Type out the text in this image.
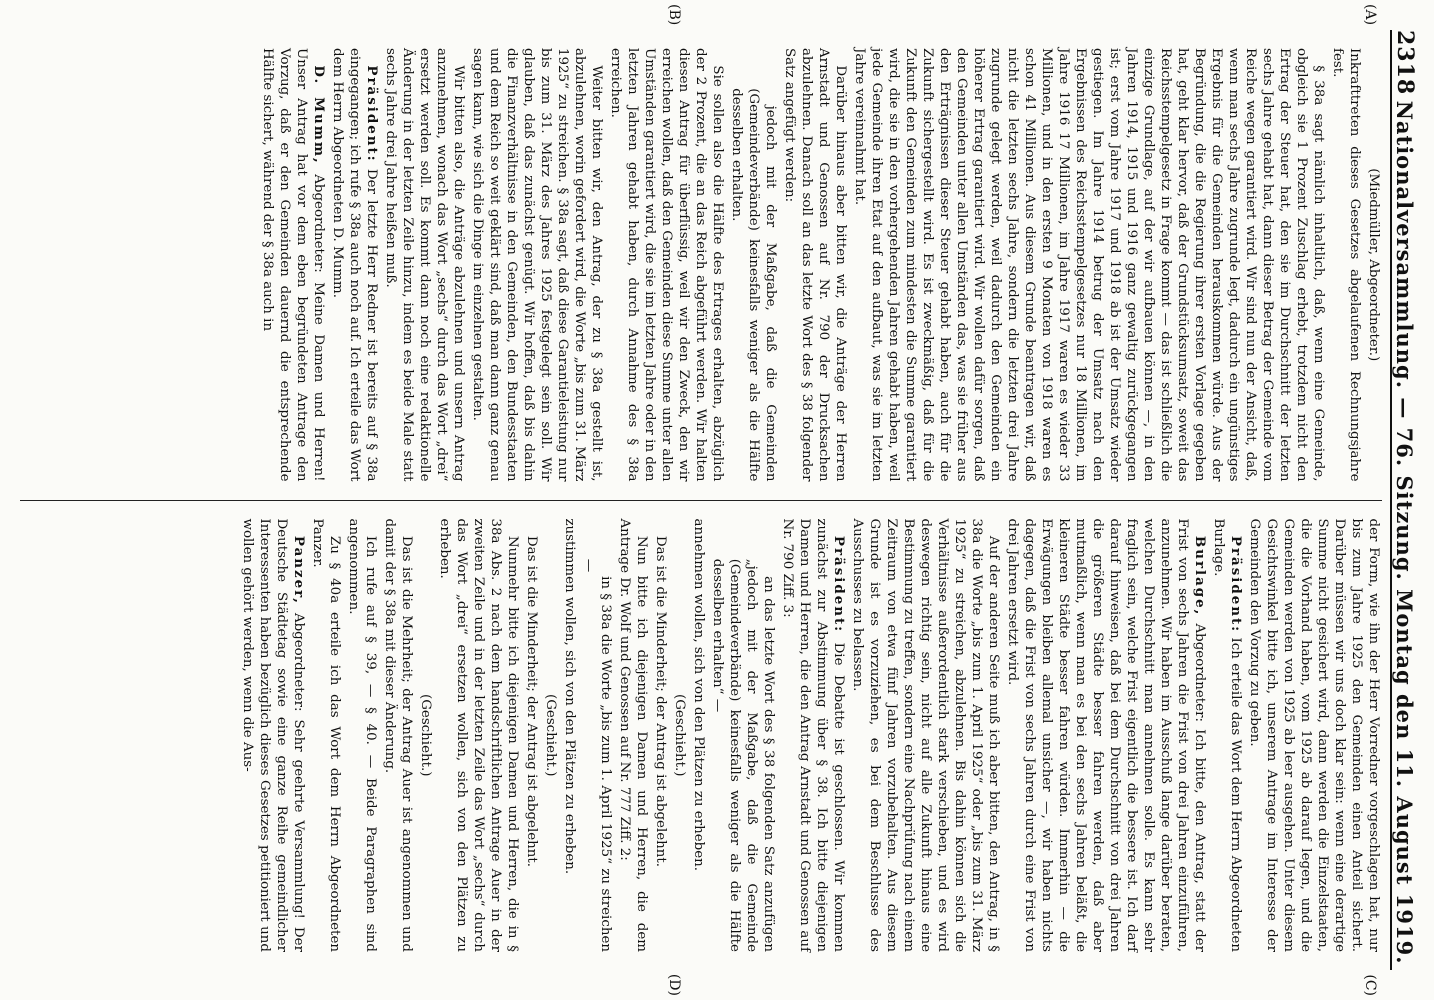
2318
Nationalversammlung. — 76. Sitzung. Montag den 11. August 1919.
(A)
(B)

(Miedmüller, Abgeordneter.)

Inkrafttreten dieses Gesetzes abgelaufenen Rechnungsjahre fest.

§ 38a sagt nämlich inhaltlich, daß, wenn eine Gemeinde, obgleich sie 1 Prozent Zuschlag erhebt, trotzdem nicht den Ertrag der Steuer hat, den sie im Durchschnitt der letzten sechs Jahre gehabt hat, dann dieser Betrag der Gemeinde vom Reiche wegen garantiert wird. Wir sind nun der Ansicht, daß, wenn man sechs Jahre zugrunde legt, dadurch ein ungünstiges Ergebnis für die Gemeinden herauskommen würde. Aus der Begründung, die die Regierung ihrer ersten Vorlage gegeben hat, geht klar hervor, daß der Grundstücksumsatz, soweit das Reichsstempelgesetz in Frage kommt — das ist schließlich die einzige Grundlage, auf der wir aufbauen können —, in den Jahren 1914, 1915 und 1916 ganz gewaltig zurückgegangen ist; erst vom Jahre 1917 und 1918 ab ist der Umsatz wieder gestiegen. Im Jahre 1914 betrug der Umsatz nach den Ergebnissen des Reichsstempelgesetzes nur 18 Millionen, im Jahre 1916 17 Millionen, im Jahre 1917 waren es wieder 33 Millionen, und in den ersten 9 Monaten von 1918 waren es schon 41 Millionen. Aus diesem Grunde beantragen wir, daß nicht die letzten sechs Jahre, sondern die letzten drei Jahre zugrunde gelegt werden, weil dadurch den Gemeinden ein höherer Ertrag garantiert wird. Wir wollen dafür sorgen, daß den Gemeinden unter allen Umständen das, was sie früher aus den Erträgnissen dieser Steuer gehabt haben, auch für die Zukunft sichergestellt wird. Es ist zweckmäßig, daß für die Zukunft den Gemeinden zum mindesten die Summe garantiert wird, die sie in den vorhergehenden Jahren gehabt haben, weil jede Gemeinde ihren Etat auf den aufbaut, was sie im letzten Jahre vereinnahmt hat.

Darüber hinaus aber bitten wir, die Anträge der Herren Arnstadt und Genossen auf Nr. 790 der Drucksachen abzulehnen. Danach soll an das letzte Wort des § 38 folgender Satz angefügt werden:

jedoch mit der Maßgabe, daß die Gemeinden (Gemeindeverbände) keinesfalls weniger als die Hälfte desselben erhalten.

Sie sollen also die Hälfte des Ertrages erhalten, abzüglich der 2 Prozent, die an das Reich abgeführt werden. Wir halten diesen Antrag für überflüssig, weil wir den Zweck, den wir erreichen wollen, daß den Gemeinden diese Summe unter allen Umständen garantiert wird, die sie im letzten Jahre oder in den letzten Jahren gehabt haben, durch Annahme des § 38a erreichen.

Weiter bitten wir, den Antrag, der zu § 38a gestellt ist, abzulehnen, worin gefordert wird, die Worte „bis zum 31. März 1925“ zu streichen. § 38a sagt, daß diese Garantieleistung nur bis zum 31. März des Jahres 1925 festgelegt sein soll. Wir glauben, daß das zunächst genügt. Wir hoffen, daß bis dahin die Finanzverhältnisse in den Gemeinden, den Bundesstaaten und dem Reich so weit geklärt sind, daß man dann ganz genau sagen kann, wie sich die Dinge im einzelnen gestalten.

Wir bitten also, die Anträge abzulehnen und unsern Antrag anzunehmen, wonach das Wort „sechs“ durch das Wort „drei“ ersetzt werden soll. Es kommt dann noch eine redaktionelle Änderung in der letzten Zeile hinzu, indem es beide Male statt sechs Jahre drei Jahre heißen muß.

Präsident: Der letzte Herr Redner ist bereits auf § 38a eingegangen; ich rufe § 38a auch noch auf. Ich erteile das Wort dem Herrn Abgeordneten D. Mumm.

D. Mumm, Abgeordneter: Meine Damen und Herren! Unser Antrag hat vor dem eben begründeten Antrage den Vorzug, daß er den Gemeinden dauernd die entsprechende Hälfte sichert, während der § 38a auch in

(C)
(D)

der Form, wie ihn der Herr Vorredner vorgeschlagen hat, nur bis zum Jahre 1925 den Gemeinden einen Anteil sichert. Darüber müssen wir uns doch klar sein: wenn eine derartige Summe nicht gesichert wird, dann werden die Einzelstaaten, die die Vorhand haben, vom 1925 ab darauf legen, und die Gemeinden werden von 1925 ab leer ausgehen. Unter diesem Gesichtswinkel bitte ich, unserem Antrage im Interesse der Gemeinden den Vorzug zu geben.

Präsident: Ich erteile das Wort dem Herrn Abgeordneten Burlage.

Burlage, Abgeordneter: Ich bitte, den Antrag, statt der Frist von sechs Jahren die Frist von drei Jahren einzuführen, anzunehmen. Wir haben im Ausschuß lange darüber beraten, welchen Durchschnitt man annehmen solle. Es kann sehr fraglich sein, welche Frist eigentlich die bessere ist. Ich darf darauf hinweisen, daß bei dem Durchschnitt von drei Jahren die größeren Städte besser fahren werden, daß aber mutmaßlich, wenn man es bei den sechs Jahren beläßt, die kleineren Städte besser fahren würden. Immerhin — die Erwägungen bleiben allemal unsicher —, wir haben nichts dagegen, daß die Frist von sechs Jahren durch eine Frist von drei Jahren ersetzt wird.

Auf der anderen Seite muß ich aber bitten, den Antrag, in § 38a die Worte „bis zum 1. April 1925“ oder „bis zum 31. März 1925“ zu streichen, abzulehnen. Bis dahin können sich die Verhältnisse außerordentlich stark verschieben, und es wird deswegen richtig sein, nicht auf alle Zukunft hinaus eine Bestimmung zu treffen, sondern eine Nachprüfung nach einem Zeitraum von etwa fünf Jahren vorzubehalten. Aus diesem Grunde ist es vorzuziehen, es bei dem Beschlusse des Ausschusses zu belassen.

Präsident: Die Debatte ist geschlossen. Wir kommen zunächst zur Abstimmung über § 38. Ich bitte diejenigen Damen und Herren, die den Antrag Arnstadt und Genossen auf Nr. 790 Ziff. 3:

an das letzte Wort des § 38 folgenden Satz anzufügen „jedoch mit der Maßgabe, daß die Gemeinde (Gemeindeverbände) keinesfalls weniger als die Hälfte desselben erhalten“ —

annehmen wollen, sich von den Plätzen zu erheben.

(Geschieht.)

Das ist die Minderheit; der Antrag ist abgelehnt.

Nun bitte ich diejenigen Damen und Herren, die dem Antrage Dr. Wolf und Genossen auf Nr. 777 Ziff. 2:

in § 38a die Worte „bis zum 1. April 1925“ zu streichen —

zustimmen wollen, sich von den Plätzen zu erheben.

(Geschieht.)

Das ist die Minderheit; der Antrag ist abgelehnt.

Nunmehr bitte ich diejenigen Damen und Herren, die in § 38a Abs. 2 nach dem handschriftlichen Antrage Auer in der zweiten Zeile und in der letzten Zeile das Wort „sechs“ durch das Wort „drei“ ersetzen wollen, sich von den Plätzen zu erheben.

(Geschieht.)

Das ist die Mehrheit; der Antrag Auer ist angenommen und damit der § 38a mit dieser Änderung.

Ich rufe auf § 39, — § 40. — Beide Paragraphen sind angenommen.

Zu § 40a erteile ich das Wort dem Herrn Abgeordneten Panzer.

Panzer, Abgeordneter: Sehr geehrte Versammlung! Der Deutsche Städtetag sowie eine ganze Reihe gemeindlicher Interessenten haben bezüglich dieses Gesetzes petitioniert und wollen gehört werden, wenn die Aus-
